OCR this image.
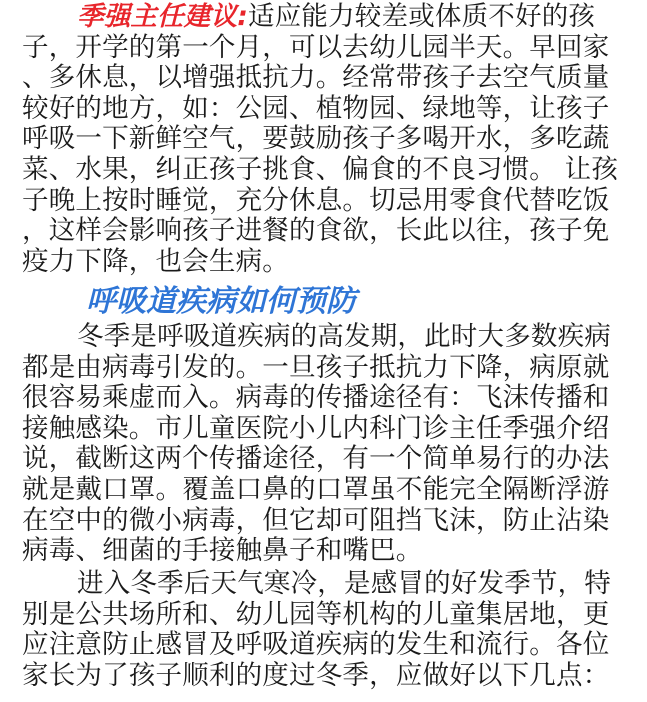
季强主任建议:适应能力较差或体质不好的孩
子，开学的第一个月，可以去幼儿园半天。早回家
、多休息，以增强抵抗力。经常带孩子去空气质量
较好的地方，如：公园、植物园、绿地等，让孩子
呼吸一下新鲜空气，要鼓励孩子多喝开水，多吃蔬
菜、水果，纠正孩子挑食、偏食的不良习惯。 让孩
子晚上按时睡觉，充分休息。切忌用零食代替吃饭
，这样会影响孩子进餐的食欲，长此以往，孩子免
疫力下降，也会生病。
呼吸道疾病如何预防
冬季是呼吸道疾病的高发期，此时大多数疾病
都是由病毒引发的。一旦孩子抵抗力下降，病原就
很容易乘虚而入。病毒的传播途径有：飞沫传播和
接触感染。市儿童医院小儿内科门诊主任季强介绍
说，截断这两个传播途径，有一个简单易行的办法
就是戴口罩。覆盖口鼻的口罩虽不能完全隔断浮游
在空中的微小病毒，但它却可阻挡飞沫，防止沾染
病毒、细菌的手接触鼻子和嘴巴。
进入冬季后天气寒冷，是感冒的好发季节，特
别是公共场所和、幼儿园等机构的儿童集居地，更
应注意防止感冒及呼吸道疾病的发生和流行。各位
家长为了孩子顺利的度过冬季，应做好以下几点：
